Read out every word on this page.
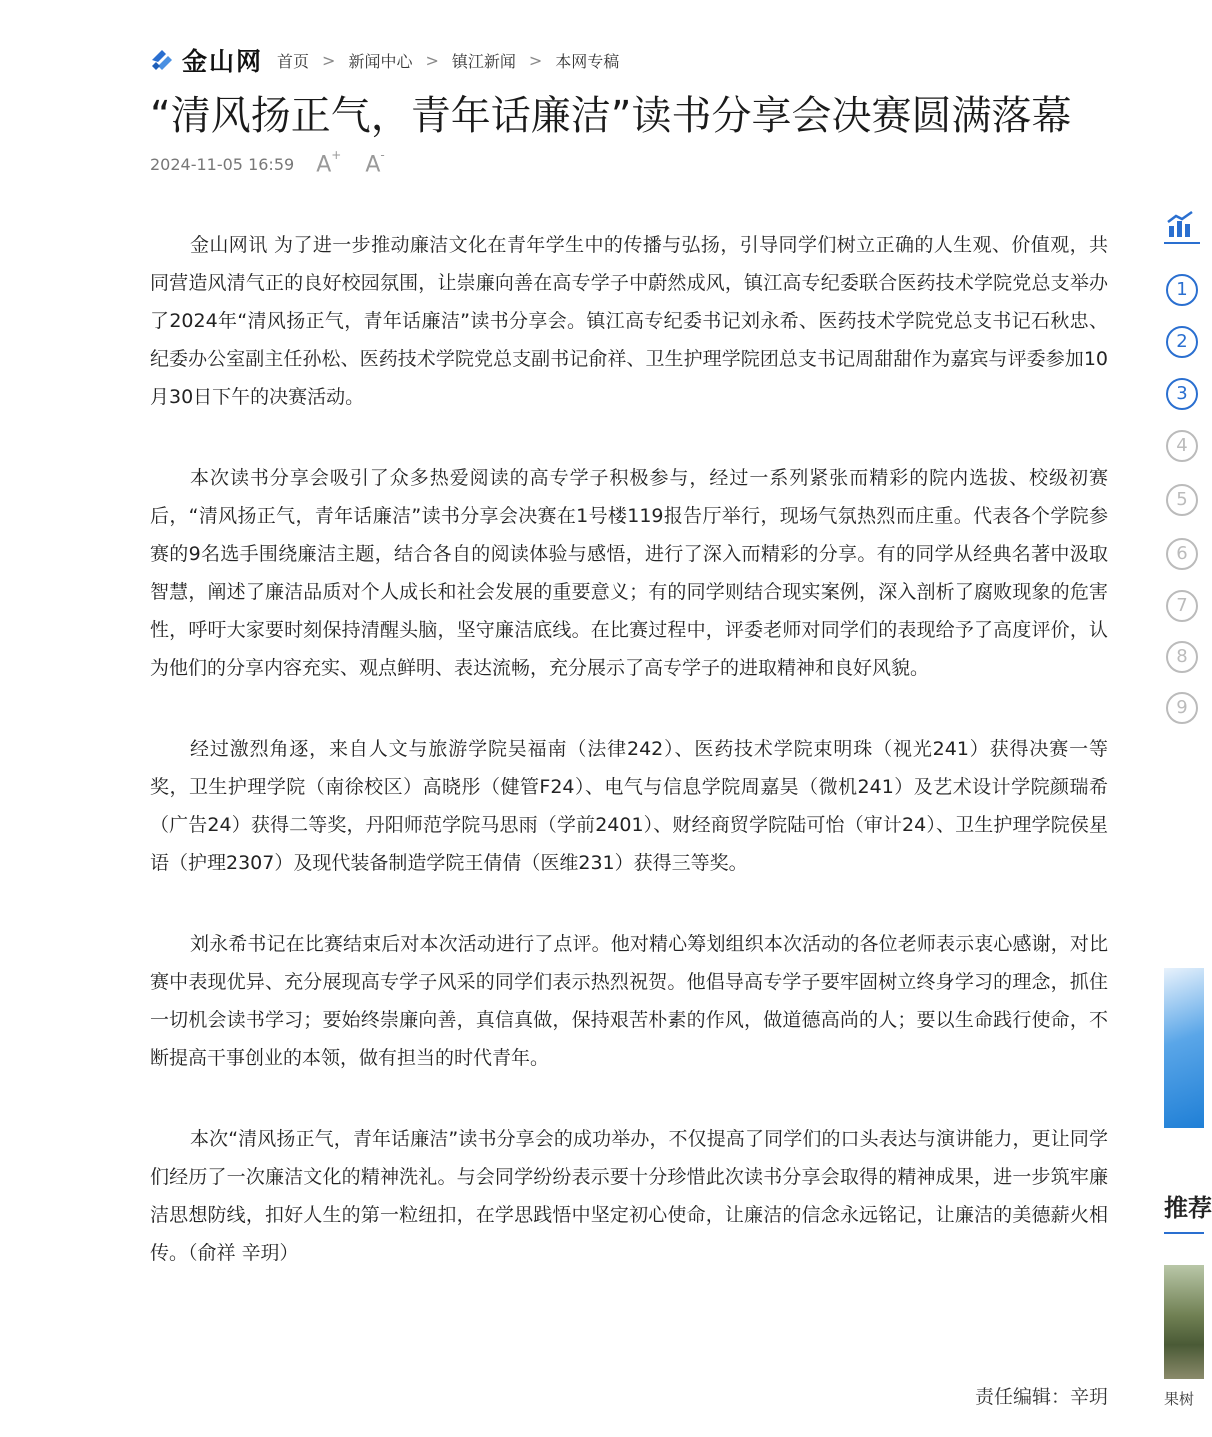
金山网 首页 > 新闻中心 > 镇江新闻 > 本网专稿
“清风扬正气，青年话廉洁”读书分享会决赛圆满落幕
2024-11-05 16:59 A+ A-

金山网讯 为了进一步推动廉洁文化在青年学生中的传播与弘扬，引导同学们树立正确的人生观、价值观，共同营造风清气正的良好校园氛围，让崇廉向善在高专学子中蔚然成风，镇江高专纪委联合医药技术学院党总支举办了2024年“清风扬正气，青年话廉洁”读书分享会。镇江高专纪委书记刘永希、医药技术学院党总支书记石秋忠、纪委办公室副主任孙松、医药技术学院党总支副书记俞祥、卫生护理学院团总支书记周甜甜作为嘉宾与评委参加10月30日下午的决赛活动。

本次读书分享会吸引了众多热爱阅读的高专学子积极参与，经过一系列紧张而精彩的院内选拔、校级初赛后，“清风扬正气，青年话廉洁”读书分享会决赛在1号楼119报告厅举行，现场气氛热烈而庄重。代表各个学院参赛的9名选手围绕廉洁主题，结合各自的阅读体验与感悟，进行了深入而精彩的分享。有的同学从经典名著中汲取智慧，阐述了廉洁品质对个人成长和社会发展的重要意义；有的同学则结合现实案例，深入剖析了腐败现象的危害性，呼吁大家要时刻保持清醒头脑，坚守廉洁底线。在比赛过程中，评委老师对同学们的表现给予了高度评价，认为他们的分享内容充实、观点鲜明、表达流畅，充分展示了高专学子的进取精神和良好风貌。

经过激烈角逐，来自人文与旅游学院吴福南（法律242）、医药技术学院束明珠（视光241）获得决赛一等奖，卫生护理学院（南徐校区）高晓彤（健管F24）、电气与信息学院周嘉昊（微机241）及艺术设计学院颜瑞希（广告24）获得二等奖，丹阳师范学院马思雨（学前2401）、财经商贸学院陆可怡（审计24）、卫生护理学院侯星语（护理2307）及现代装备制造学院王倩倩（医维231）获得三等奖。

刘永希书记在比赛结束后对本次活动进行了点评。他对精心筹划组织本次活动的各位老师表示衷心感谢，对比赛中表现优异、充分展现高专学子风采的同学们表示热烈祝贺。他倡导高专学子要牢固树立终身学习的理念，抓住一切机会读书学习；要始终崇廉向善，真信真做，保持艰苦朴素的作风，做道德高尚的人；要以生命践行使命，不断提高干事创业的本领，做有担当的时代青年。

本次“清风扬正气，青年话廉洁”读书分享会的成功举办，不仅提高了同学们的口头表达与演讲能力，更让同学们经历了一次廉洁文化的精神洗礼。与会同学纷纷表示要十分珍惜此次读书分享会取得的精神成果，进一步筑牢廉洁思想防线，扣好人生的第一粒纽扣，在学思践悟中坚定初心使命，让廉洁的信念永远铭记，让廉洁的美德薪火相传。（俞祥 辛玥）

责任编辑：辛玥
1
2
3
4
5
6
7
8
9
推荐
果树
